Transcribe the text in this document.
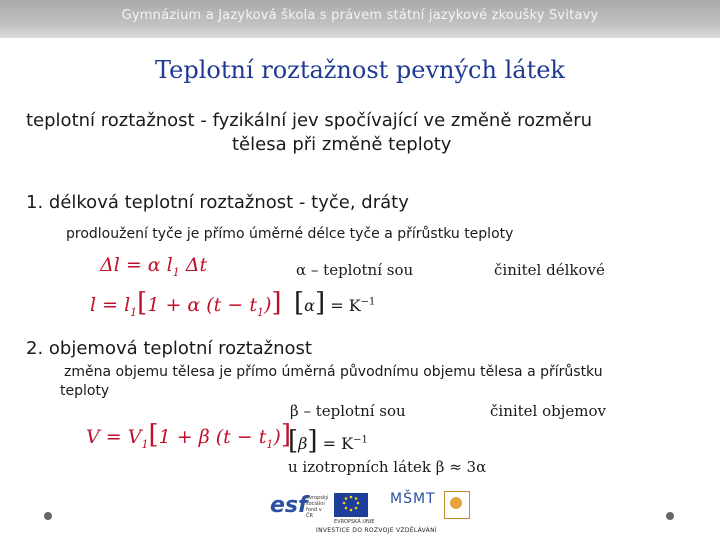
Gymnázium a Jazyková škola s právem státní jazykové zkoušky Svitavy
Teplotní roztažnost pevných látek
teplotní roztažnost - fyzikální jev spočívající ve změně rozměru
tělesa při změně teploty
1. délková teplotní roztažnost - tyče, dráty
prodloužení tyče je přímo úměrné délce tyče a přírůstku teploty
Δl = α $l_1$ Δt
$l = l_1[1 + \alpha$ $(t - t_1)$]
α – teplotní sou	činitel délkové
$[\alpha] = K^{-1}$
2. objemová teplotní roztažnost
změna objemu tělesa je přímo úměrná původnímu objemu tělesa a přírůstku
teploty
β – teplotní sou	činitel objemov
$V = V_1[1 + \beta$ $(t - t_1)$]
$[\beta] = K^{-1}$
u izotropních látek β ≈ 3α
esf
evropský sociální fond v ČR
EVROPSKÁ UNIE
MŠMT
INVESTICE DO ROZVOJE VZDĚLÁVÁNÍ
